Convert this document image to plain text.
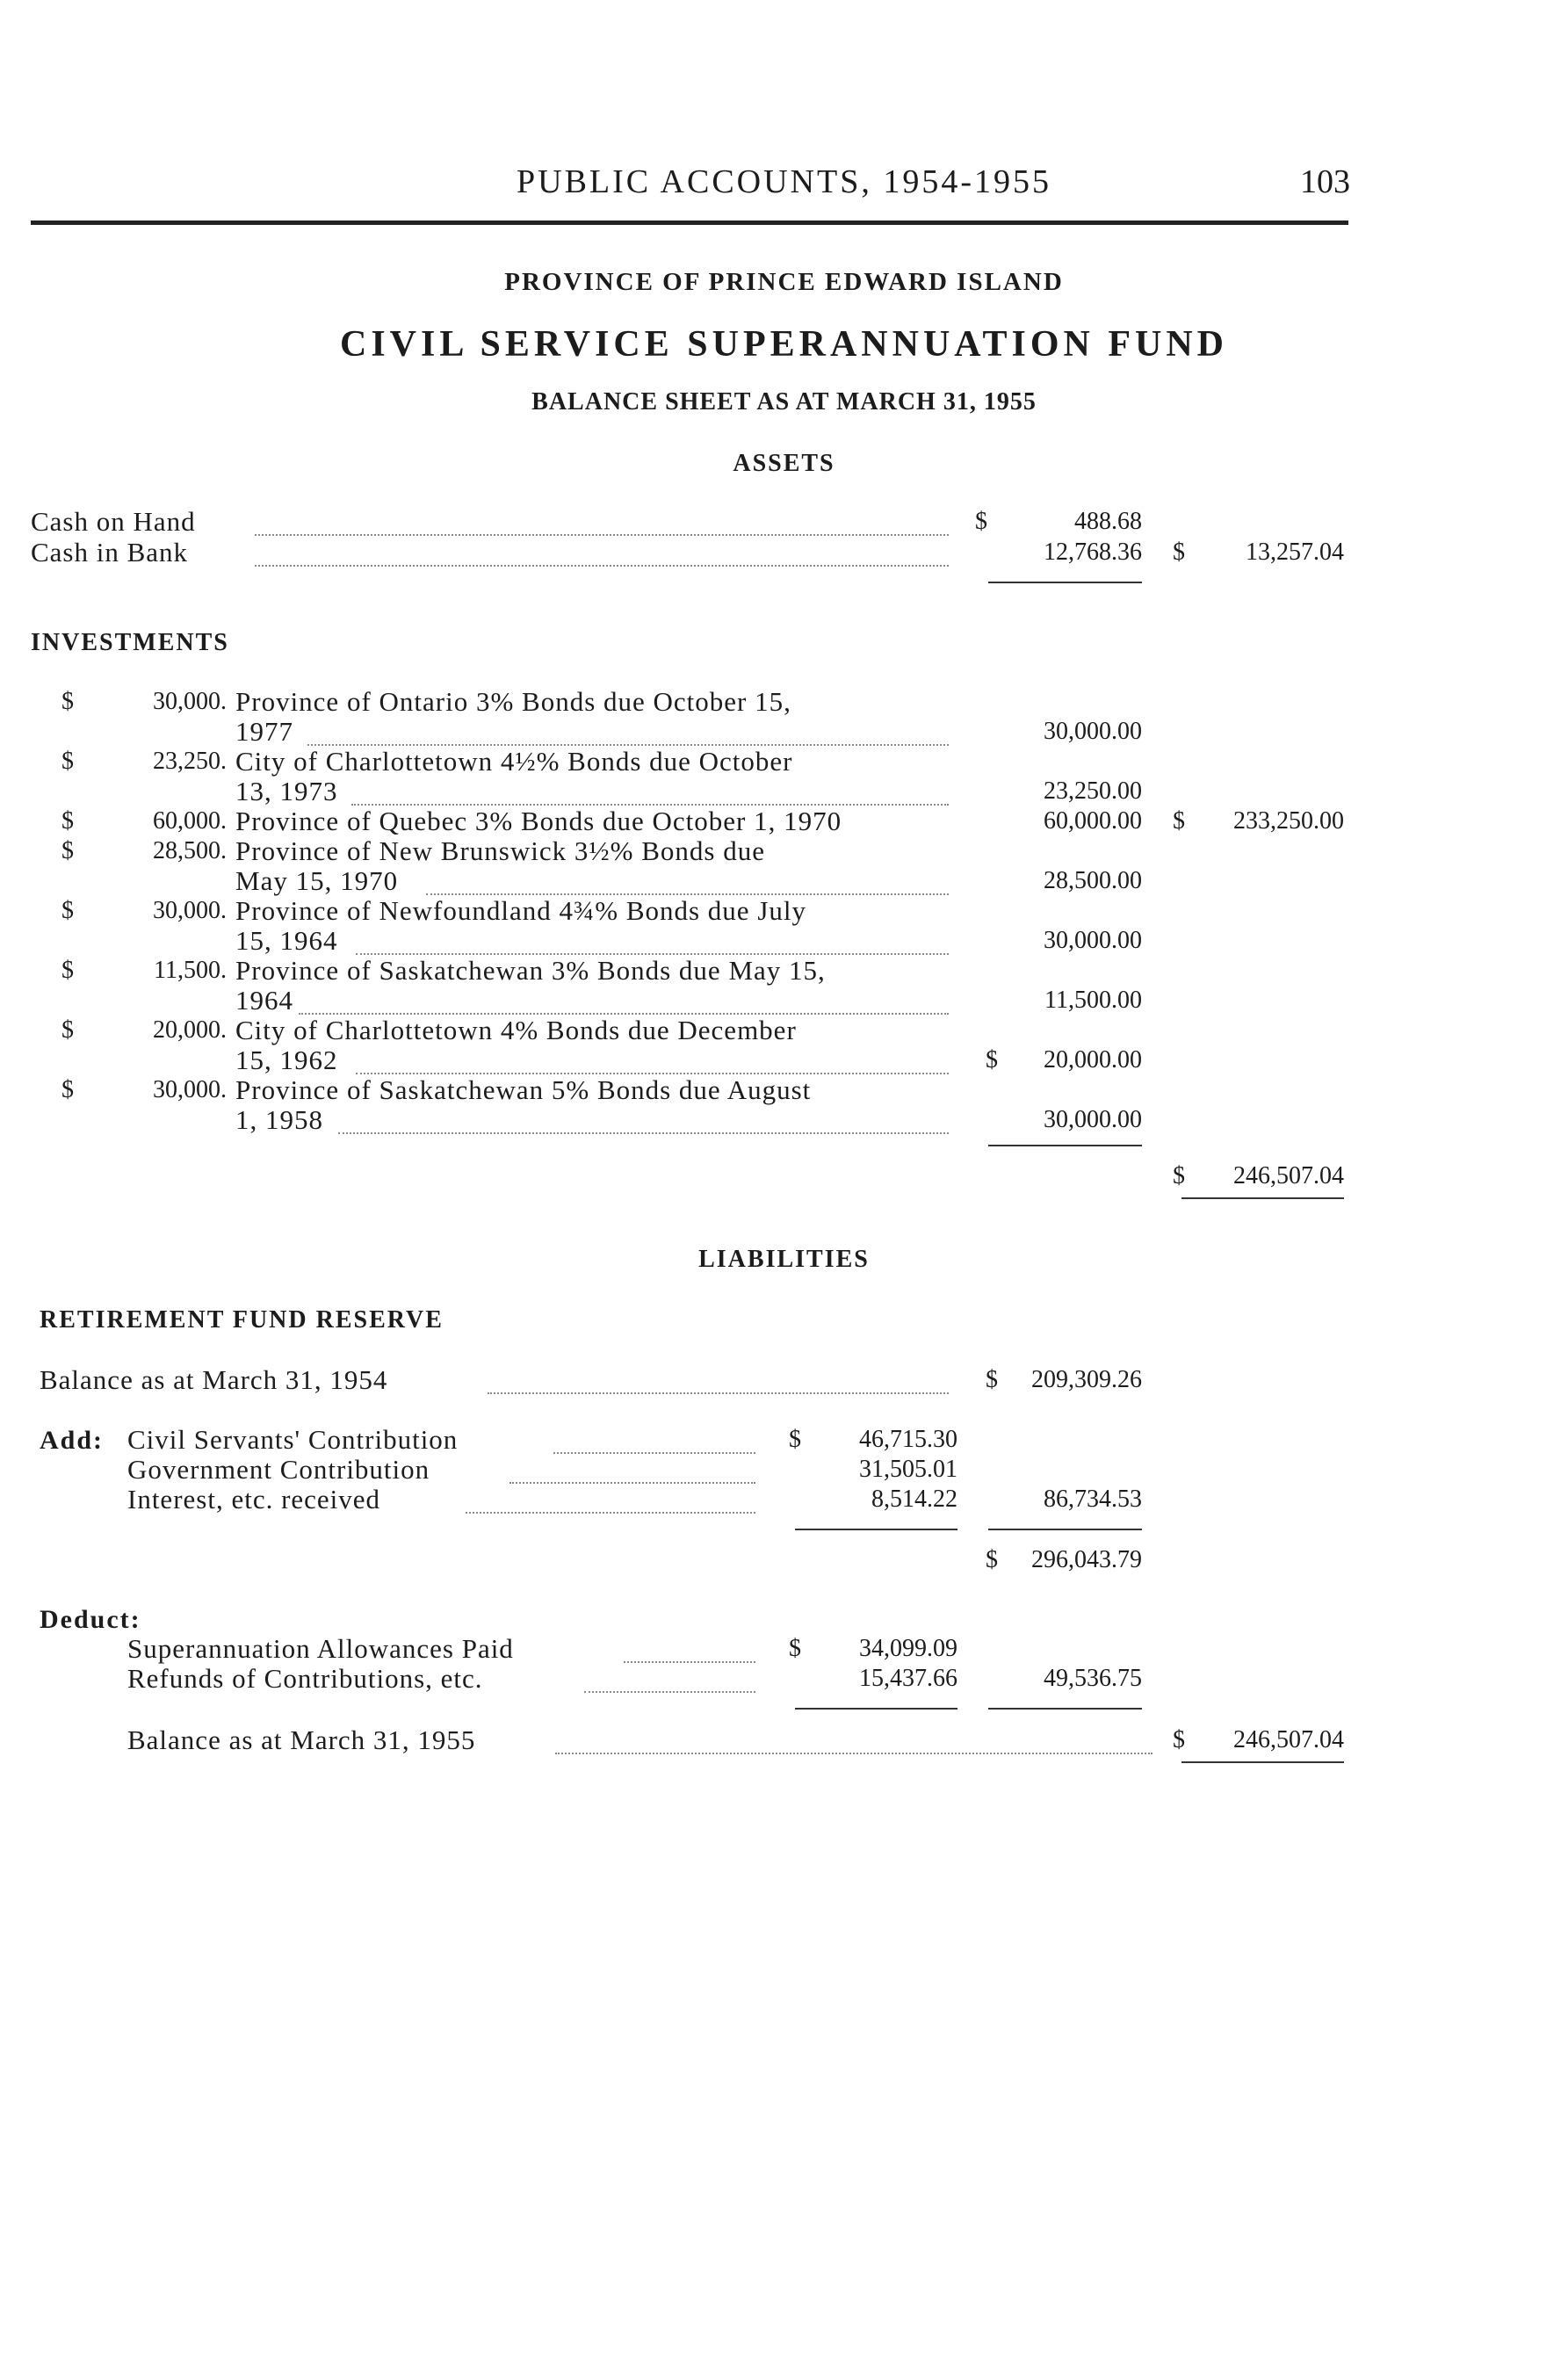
PUBLIC ACCOUNTS, 1954-1955	103
PROVINCE OF PRINCE EDWARD ISLAND
CIVIL SERVICE SUPERANNUATION FUND
BALANCE SHEET AS AT MARCH 31, 1955
ASSETS
Cash on Hand	$	488.68
Cash in Bank	12,768.36 $	13,257.04
INVESTMENTS
$	30,000. Province of Ontario 3% Bonds due October 15,
1977	30,000.00
$	23,250. City of Charlottetown 4½% Bonds due October
13, 1973	23,250.00
$	60,000. Province of Quebec 3% Bonds due October 1, 1970	60,000.00 $	233,250.00
$	28,500. Province of New Brunswick 3½% Bonds due
May 15, 1970	28,500.00
$	30,000. Province of Newfoundland 4¾% Bonds due July
15, 1964	30,000.00
$	11,500. Province of Saskatchewan 3% Bonds due May 15,
1964	11,500.00
$	20,000. City of Charlottetown 4% Bonds due December
15, 1962	$	20,000.00
$	30,000. Province of Saskatchewan 5% Bonds due August
1, 1958	30,000.00
$	246,507.04
LIABILITIES
RETIREMENT FUND RESERVE
Balance as at March 31, 1954	$	209,309.26
Add: Civil Servants' Contribution	$	46,715.30
Government Contribution	31,505.01
Interest, etc. received	8,514.22	86,734.53
$	296,043.79
Deduct:
Superannuation Allowances Paid	$	34,099.09
Refunds of Contributions, etc.	15,437.66	49,536.75
Balance as at March 31, 1955	$	246,507.04
